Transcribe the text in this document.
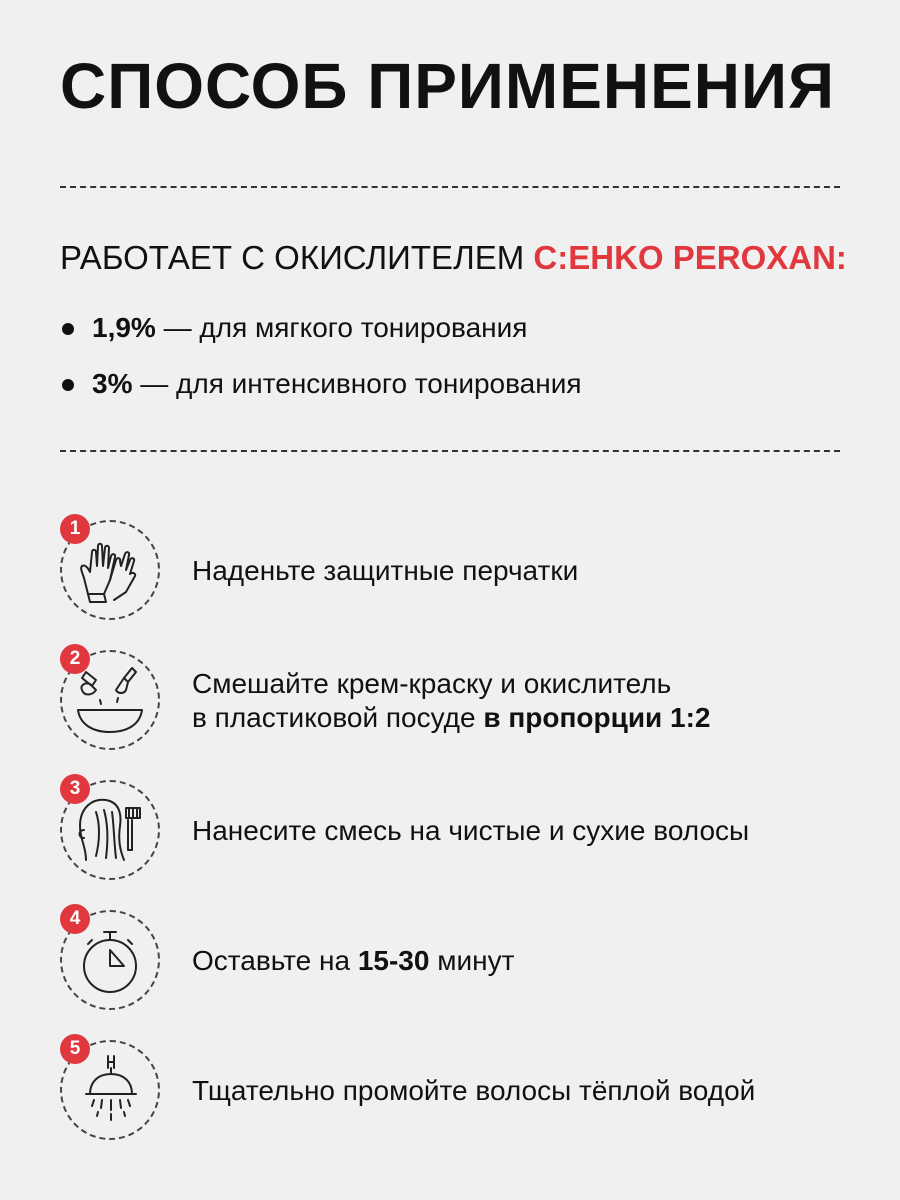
СПОСОБ ПРИМЕНЕНИЯ
РАБОТАЕТ С ОКИСЛИТЕЛЕМ C:EHKO PEROXAN:
1,9% — для мягкого тонирования
3% — для интенсивного тонирования
1
Наденьте защитные перчатки
2
Смешайте крем-краску и окислитель
в пластиковой посуде в пропорции 1:2
3
Нанесите смесь на чистые и сухие волосы
4
Оставьте на 15-30 минут
5
Тщательно промойте волосы тёплой водой
